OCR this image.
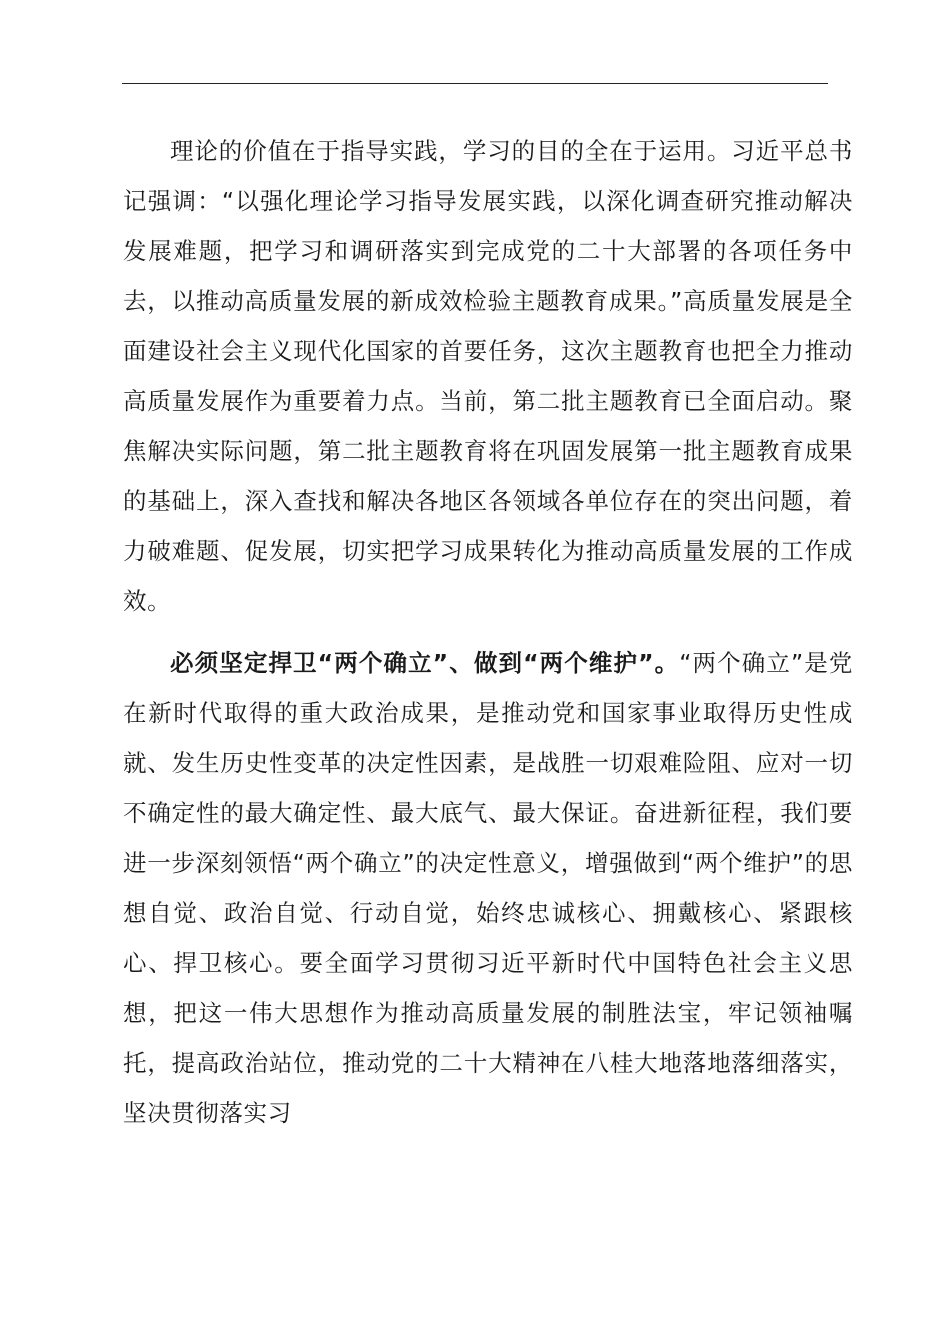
理论的价值在于指导实践，学习的目的全在于运用。习近平总书记强调：“以强化理论学习指导发展实践，以深化调查研究推动解决发展难题，把学习和调研落实到完成党的二十大部署的各项任务中去，以推动高质量发展的新成效检验主题教育成果。”高质量发展是全面建设社会主义现代化国家的首要任务，这次主题教育也把全力推动高质量发展作为重要着力点。当前，第二批主题教育已全面启动。聚焦解决实际问题，第二批主题教育将在巩固发展第一批主题教育成果的基础上，深入查找和解决各地区各领域各单位存在的突出问题，着力破难题、促发展，切实把学习成果转化为推动高质量发展的工作成效。

必须坚定捍卫“两个确立”、做到“两个维护”。“两个确立”是党在新时代取得的重大政治成果，是推动党和国家事业取得历史性成就、发生历史性变革的决定性因素，是战胜一切艰难险阻、应对一切不确定性的最大确定性、最大底气、最大保证。奋进新征程，我们要进一步深刻领悟“两个确立”的决定性意义，增强做到“两个维护”的思想自觉、政治自觉、行动自觉，始终忠诚核心、拥戴核心、紧跟核心、捍卫核心。要全面学习贯彻习近平新时代中国特色社会主义思想，把这一伟大思想作为推动高质量发展的制胜法宝，牢记领袖嘱托，提高政治站位，推动党的二十大精神在八桂大地落地落细落实，坚决贯彻落实习
